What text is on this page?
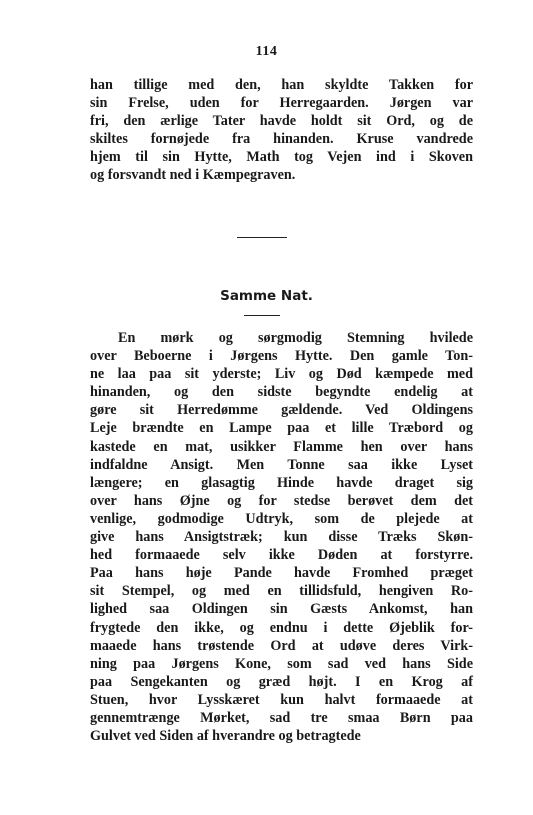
114
han tillige med den, han skyldte Takken for
sin Frelse, uden for Herregaarden. Jørgen var
fri, den ærlige Tater havde holdt sit Ord, og de
skiltes fornøjede fra hinanden. Kruse vandrede
hjem til sin Hytte, Math tog Vejen ind i Skoven
og forsvandt ned i Kæmpegraven.
Samme Nat.
En mørk og sørgmodig Stemning hvilede
over Beboerne i Jørgens Hytte. Den gamle Ton-
ne laa paa sit yderste; Liv og Død kæmpede med
hinanden, og den sidste begyndte endelig at
gøre sit Herredømme gældende. Ved Oldingens
Leje brændte en Lampe paa et lille Træbord og
kastede en mat, usikker Flamme hen over hans
indfaldne Ansigt. Men Tonne saa ikke Lyset
længere; en glasagtig Hinde havde draget sig
over hans Øjne og for stedse berøvet dem det
venlige, godmodige Udtryk, som de plejede at
give hans Ansigtstræk; kun disse Træks Skøn-
hed formaaede selv ikke Døden at forstyrre.
Paa hans høje Pande havde Fromhed præget
sit Stempel, og med en tillidsfuld, hengiven Ro-
lighed saa Oldingen sin Gæsts Ankomst, han
frygtede den ikke, og endnu i dette Øjeblik for-
maaede hans trøstende Ord at udøve deres Virk-
ning paa Jørgens Kone, som sad ved hans Side
paa Sengekanten og græd højt. I en Krog af
Stuen, hvor Lysskæret kun halvt formaaede at
gennemtrænge Mørket, sad tre smaa Børn paa
Gulvet ved Siden af hverandre og betragtede
